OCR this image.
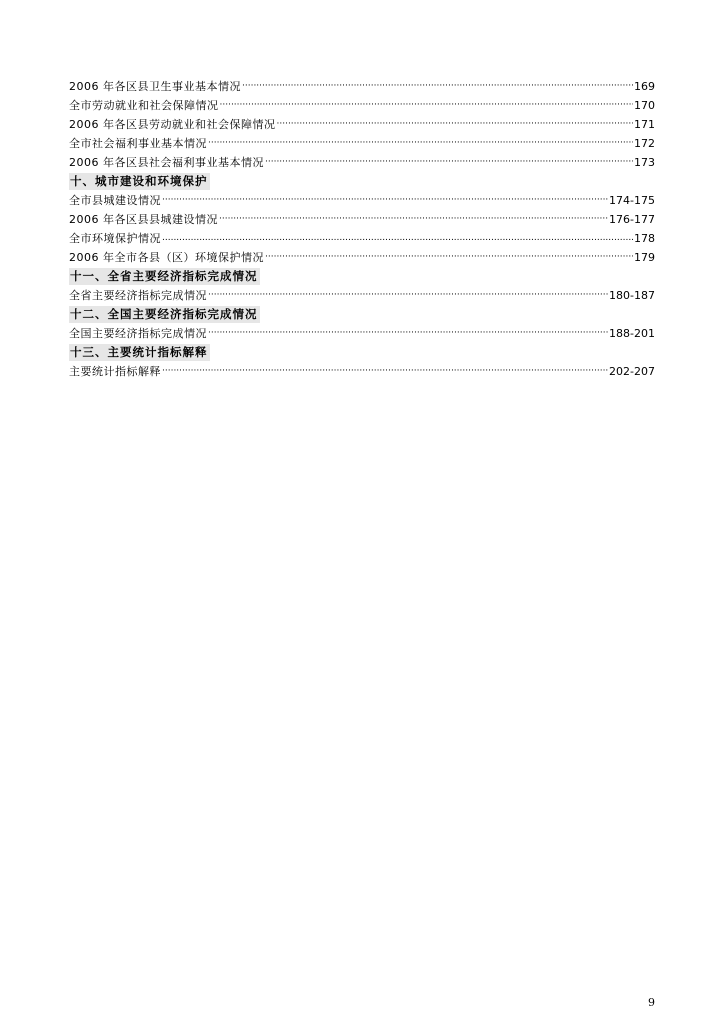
2006 年各区县卫生事业基本情况 ·····	169
全市劳动就业和社会保障情况 ·····	170
2006 年各区县劳动就业和社会保障情况 ·····	171
全市社会福利事业基本情况 ·····	172
2006 年各区县社会福利事业基本情况 ·····	173
十、城市建设和环境保护
全市县城建设情况 ·····	174-175
2006 年各区县县城建设情况 ·····	176-177
全市环境保护情况 .....	178
2006 年全市各县（区）环境保护情况 ·····	179
十一、全省主要经济指标完成情况
全省主要经济指标完成情况 ·····	180-187
十二、全国主要经济指标完成情况
全国主要经济指标完成情况 ·····	188-201
十三、主要统计指标解释
主要统计指标解释 ·····	202-207
9
